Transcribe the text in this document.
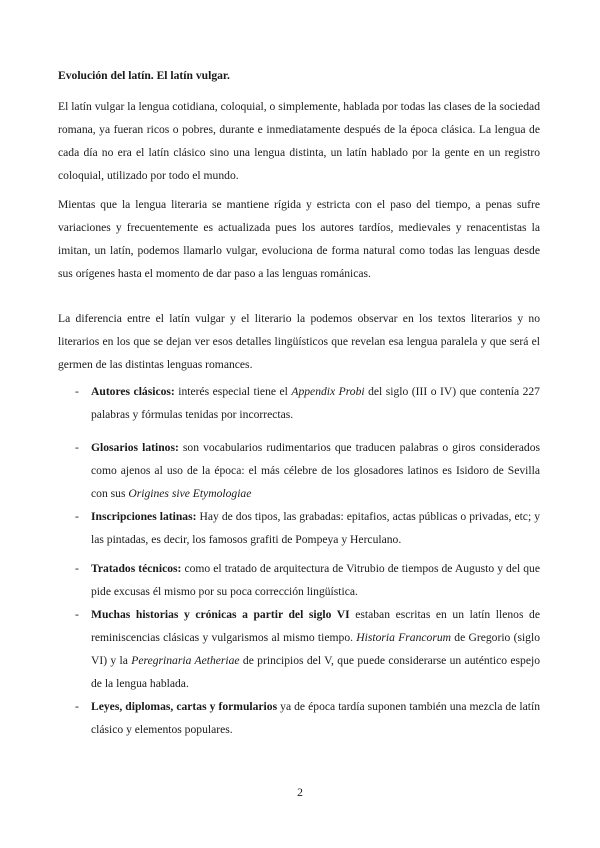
Evolución del latín. El latín vulgar.

El latín vulgar la lengua cotidiana, coloquial, o simplemente, hablada por todas las clases de la sociedad romana, ya fueran ricos o pobres, durante e inmediatamente después de la época clásica. La lengua de cada día no era el latín clásico sino una lengua distinta, un latín hablado por la gente en un registro coloquial, utilizado por todo el mundo.

Mientas que la lengua literaria se mantiene rígida y estricta con el paso del tiempo, a penas sufre variaciones y frecuentemente es actualizada pues los autores tardíos, medievales y renacentistas la imitan, un latín, podemos llamarlo vulgar, evoluciona de forma natural como todas las lenguas desde sus orígenes hasta el momento de dar paso a las lenguas románicas.

La diferencia entre el latín vulgar y el literario la podemos observar en los textos literarios y no literarios en los que se dejan ver esos detalles lingüísticos que revelan esa lengua paralela y que será el germen de las distintas lenguas romances.

- Autores clásicos: interés especial tiene el Appendix Probi del siglo (III o IV) que contenía 227 palabras y fórmulas tenidas por incorrectas.
- Glosarios latinos: son vocabularios rudimentarios que traducen palabras o giros considerados como ajenos al uso de la época: el más célebre de los glosadores latinos es Isidoro de Sevilla con sus Origines sive Etymologiae
- Inscripciones latinas: Hay de dos tipos, las grabadas: epitafios, actas públicas o privadas, etc; y las pintadas, es decir, los famosos grafiti de Pompeya y Herculano.
- Tratados técnicos: como el tratado de arquitectura de Vitrubio de tiempos de Augusto y del que pide excusas él mismo por su poca corrección lingüística.
- Muchas historias y crónicas a partir del siglo VI estaban escritas en un latín llenos de reminiscencias clásicas y vulgarismos al mismo tiempo. Historia Francorum de Gregorio (siglo VI) y la Peregrinaria Aetheriae de principios del V, que puede considerarse un auténtico espejo de la lengua hablada.
- Leyes, diplomas, cartas y formularios ya de época tardía suponen también una mezcla de latín clásico y elementos populares.
2
